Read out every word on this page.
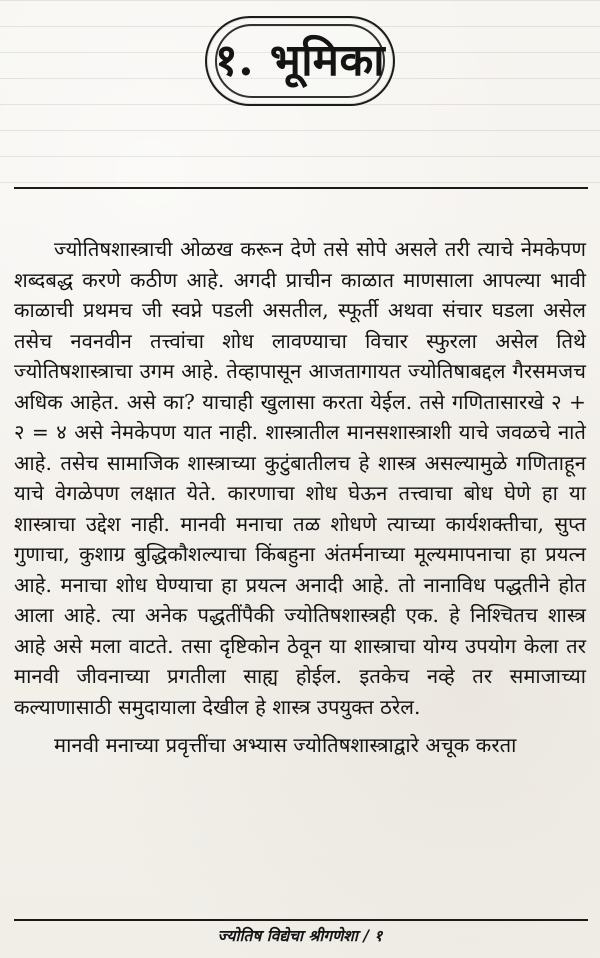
१. भूमिका

ज्योतिषशास्त्राची ओळख करून देणे तसे सोपे असले तरी त्याचे नेमकेपण शब्दबद्ध करणे कठीण आहे. अगदी प्राचीन काळात माणसाला आपल्या भावी काळाची प्रथमच जी स्वप्ने पडली असतील, स्फूर्ती अथवा संचार घडला असेल तसेच नवनवीन तत्त्वांचा शोध लावण्याचा विचार स्फुरला असेल तिथे ज्योतिषशास्त्राचा उगम आहे. तेव्हापासून आजतागायत ज्योतिषाबद्दल गैरसमजच अधिक आहेत. असे का? याचाही खुलासा करता येईल. तसे गणितासारखे २ + २ = ४ असे नेमकेपण यात नाही. शास्त्रातील मानसशास्त्राशी याचे जवळचे नाते आहे. तसेच सामाजिक शास्त्राच्या कुटुंबातीलच हे शास्त्र असल्यामुळे गणिताहून याचे वेगळेपण लक्षात येते. कारणाचा शोध घेऊन तत्त्वाचा बोध घेणे हा या शास्त्राचा उद्देश नाही. मानवी मनाचा तळ शोधणे त्याच्या कार्यशक्तीचा, सुप्त गुणाचा, कुशाग्र बुद्धिकौशल्याचा किंबहुना अंतर्मनाच्या मूल्यमापनाचा हा प्रयत्न आहे. मनाचा शोध घेण्याचा हा प्रयत्न अनादी आहे. तो नानाविध पद्धतीने होत आला आहे. त्या अनेक पद्धतींपैकी ज्योतिषशास्त्रही एक. हे निश्चितच शास्त्र आहे असे मला वाटते. तसा दृष्टिकोन ठेवून या शास्त्राचा योग्य उपयोग केला तर मानवी जीवनाच्या प्रगतीला साह्य होईल. इतकेच नव्हे तर समाजाच्या कल्याणासाठी समुदायाला देखील हे शास्त्र उपयुक्त ठरेल.

मानवी मनाच्या प्रवृत्तींचा अभ्यास ज्योतिषशास्त्राद्वारे अचूक करता

ज्योतिष विद्येचा श्रीगणेशा / १
